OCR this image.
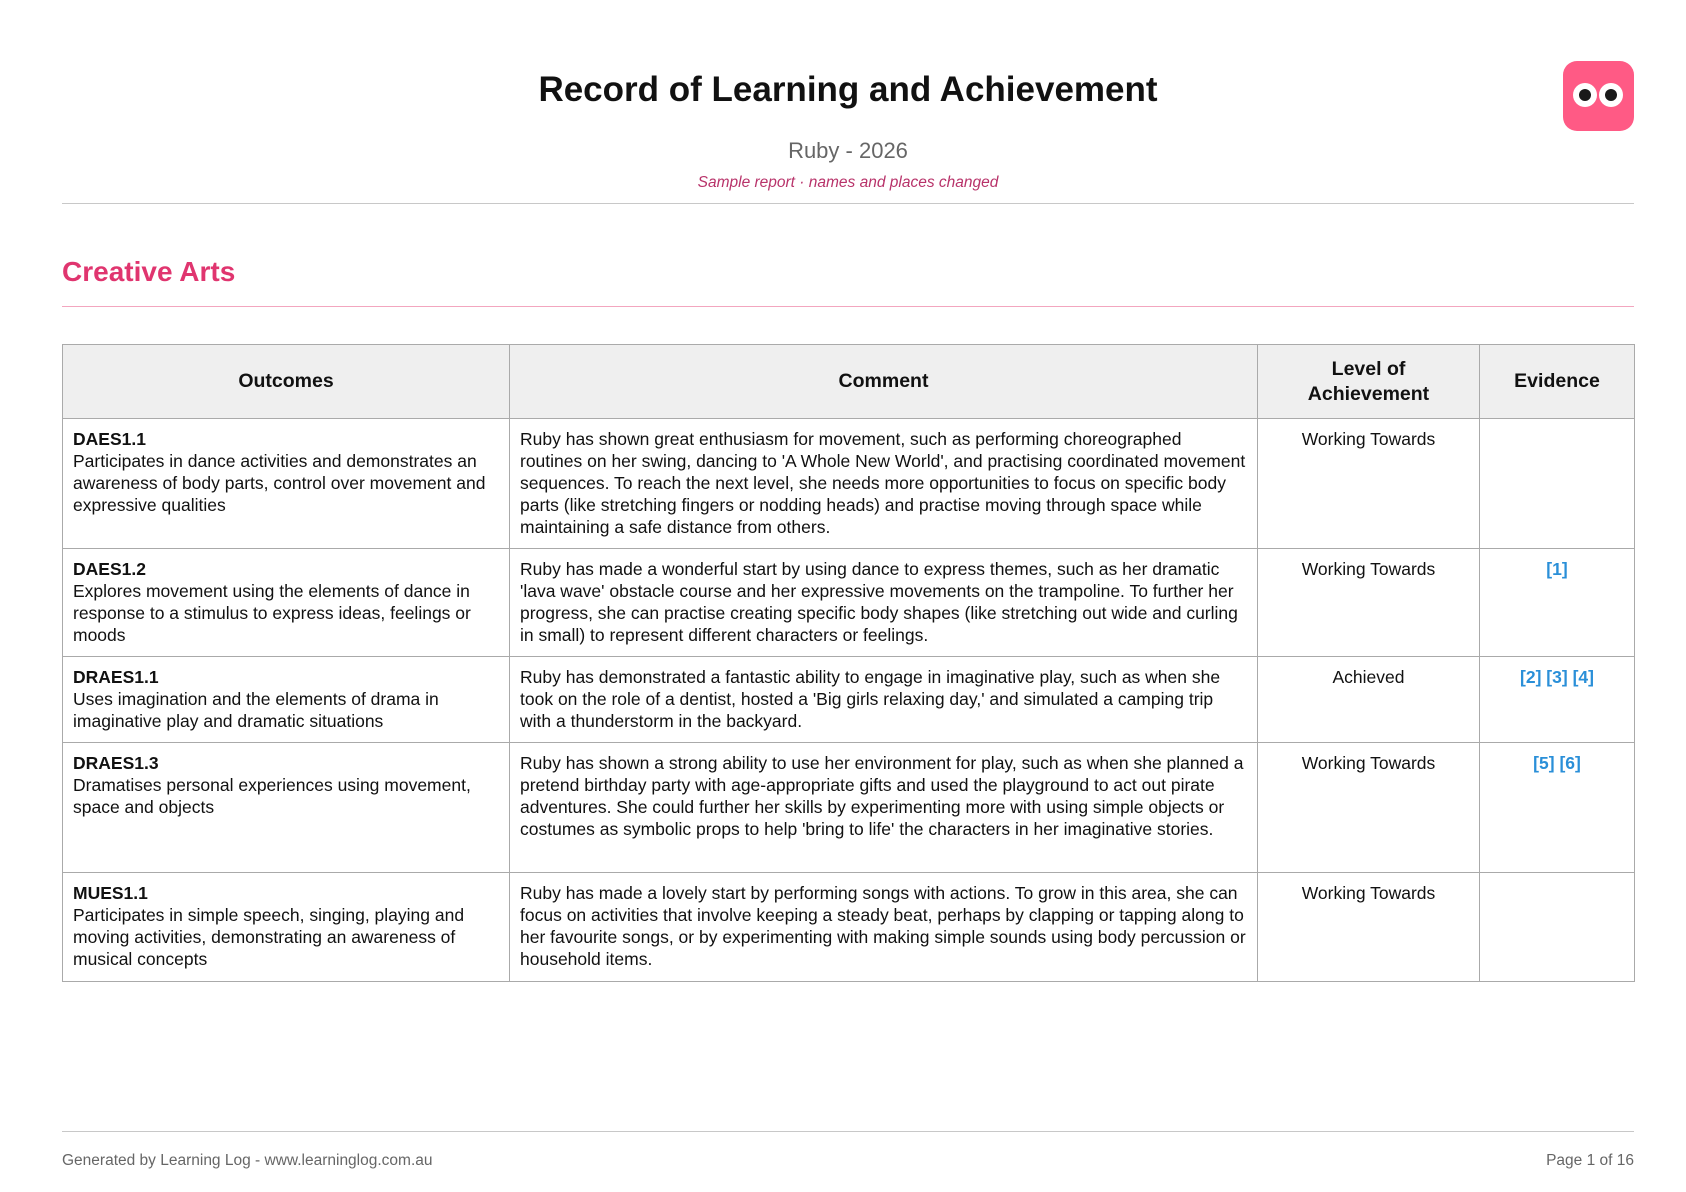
Record of Learning and Achievement
Ruby - 2026
Sample report · names and places changed
Creative Arts
Outcomes	Comment	Level of Achievement	Evidence

DAES1.1
Participates in dance activities and demonstrates an awareness of body parts, control over movement and expressive qualities	Ruby has shown great enthusiasm for movement, such as performing choreographed routines on her swing, dancing to 'A Whole New World', and practising coordinated movement sequences. To reach the next level, she needs more opportunities to focus on specific body parts (like stretching fingers or nodding heads) and practise moving through space while maintaining a safe distance from others.	Working Towards	

DAES1.2
Explores movement using the elements of dance in response to a stimulus to express ideas, feelings or moods	Ruby has made a wonderful start by using dance to express themes, such as her dramatic 'lava wave' obstacle course and her expressive movements on the trampoline. To further her progress, she can practise creating specific body shapes (like stretching out wide and curling in small) to represent different characters or feelings.	Working Towards	[1]

DRAES1.1
Uses imagination and the elements of drama in imaginative play and dramatic situations	Ruby has demonstrated a fantastic ability to engage in imaginative play, such as when she took on the role of a dentist, hosted a 'Big girls relaxing day,' and simulated a camping trip with a thunderstorm in the backyard.	Achieved	[2] [3] [4]

DRAES1.3
Dramatises personal experiences using movement, space and objects	Ruby has shown a strong ability to use her environment for play, such as when she planned a pretend birthday party with age-appropriate gifts and used the playground to act out pirate adventures. She could further her skills by experimenting more with using simple objects or costumes as symbolic props to help 'bring to life' the characters in her imaginative stories.	Working Towards	[5] [6]

MUES1.1
Participates in simple speech, singing, playing and moving activities, demonstrating an awareness of musical concepts	Ruby has made a lovely start by performing songs with actions. To grow in this area, she can focus on activities that involve keeping a steady beat, perhaps by clapping or tapping along to her favourite songs, or by experimenting with making simple sounds using body percussion or household items.	Working Towards	
Generated by Learning Log - www.learninglog.com.au	Page 1 of 16
